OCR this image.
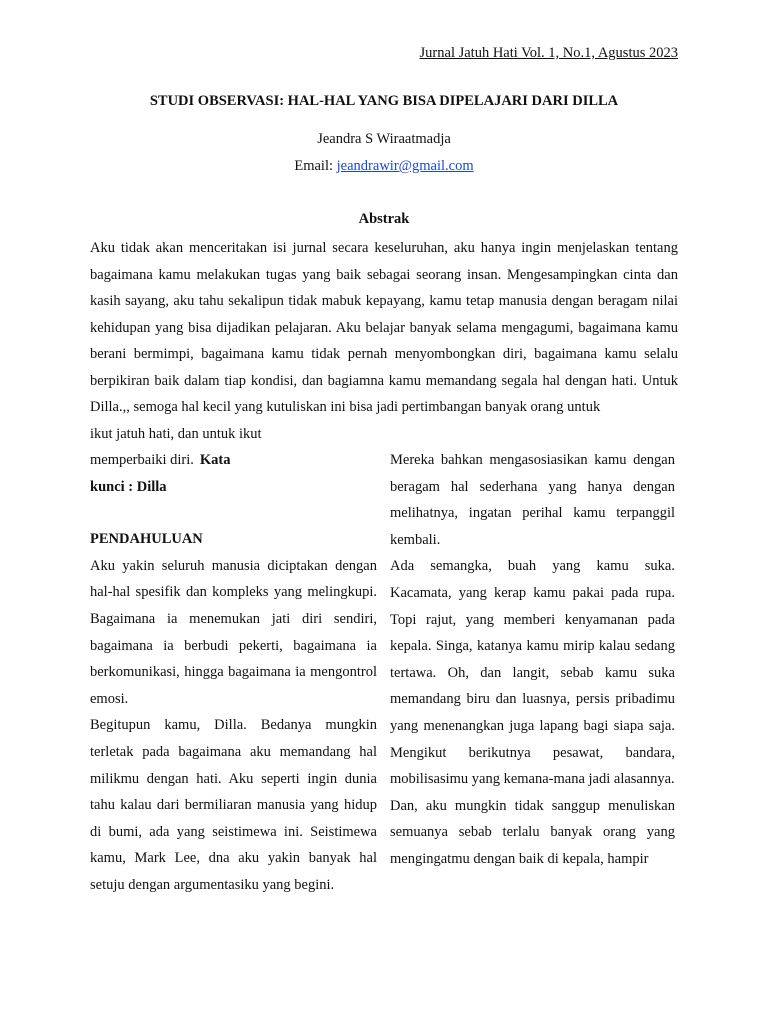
Jurnal Jatuh Hati Vol. 1, No.1, Agustus 2023
STUDI OBSERVASI: HAL-HAL YANG BISA DIPELAJARI DARI DILLA
Jeandra S Wiraatmadja
Email: jeandrawir@gmail.com
Abstrak

Aku tidak akan menceritakan isi jurnal secara keseluruhan, aku hanya ingin menjelaskan tentang bagaimana kamu melakukan tugas yang baik sebagai seorang insan. Mengesampingkan cinta dan kasih sayang, aku tahu sekalipun tidak mabuk kepayang, kamu tetap manusia dengan beragam nilai kehidupan yang bisa dijadikan pelajaran. Aku belajar banyak selama mengagumi, bagaimana kamu berani bermimpi, bagaimana kamu tidak pernah menyombongkan diri, bagaimana kamu selalu berpikiran baik dalam tiap kondisi, dan bagiamna kamu memandang segala hal dengan hati. Untuk Dilla.,, semoga hal kecil yang kutuliskan ini bisa jadi pertimbangan banyak orang untuk

ikut jatuh hati, dan untuk ikut

memperbaiki diri. Kata

kunci : Dilla

PENDAHULUAN

Aku yakin seluruh manusia diciptakan dengan hal-hal spesifik dan kompleks yang melingkupi. Bagaimana ia menemukan jati diri sendiri, bagaimana ia berbudi pekerti, bagaimana ia berkomunikasi, hingga bagaimana ia mengontrol emosi.

Begitupun kamu, Dilla. Bedanya mungkin terletak pada bagaimana aku memandang hal milikmu dengan hati. Aku seperti ingin dunia tahu kalau dari bermiliaran manusia yang hidup di bumi, ada yang seistimewa ini. Seistimewa kamu, Mark Lee, dna aku yakin banyak hal setuju dengan argumentasiku yang begini.

Mereka bahkan mengasosiasikan kamu dengan beragam hal sederhana yang hanya dengan melihatnya, ingatan perihal kamu terpanggil kembali.

Ada semangka, buah yang kamu suka. Kacamata, yang kerap kamu pakai pada rupa. Topi rajut, yang memberi kenyamanan pada kepala. Singa, katanya kamu mirip kalau sedang tertawa. Oh, dan langit, sebab kamu suka memandang biru dan luasnya, persis pribadimu yang menenangkan juga lapang bagi siapa saja. Mengikut berikutnya pesawat, bandara, mobilisasimu yang kemana-mana jadi alasannya.

Dan, aku mungkin tidak sanggup menuliskan semuanya sebab terlalu banyak orang yang mengingatmu dengan baik di kepala, hampir
